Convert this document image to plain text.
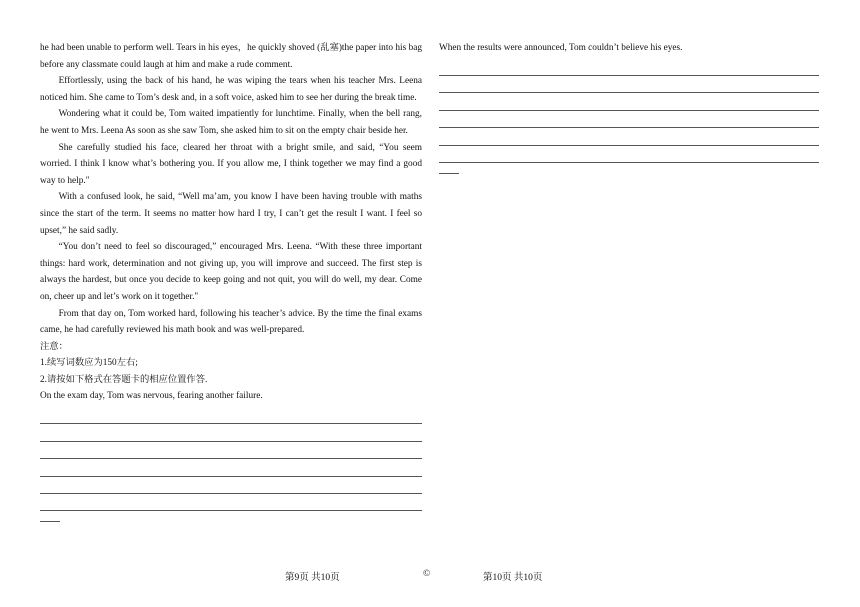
he had been unable to perform well. Tears in his eyes，he quickly shoved (乱塞)the paper into his bag before any classmate could laugh at him and make a rude comment.

Effortlessly, using the back of his hand, he was wiping the tears when his teacher Mrs. Leena noticed him. She came to Tom’s desk and, in a soft voice, asked him to see her during the break time.

Wondering what it could be, Tom waited impatiently for lunchtime. Finally, when the bell rang, he went to Mrs. Leena As soon as she saw Tom, she asked him to sit on the empty chair beside her.

She carefully studied his face, cleared her throat with a bright smile, and said, “You seem worried. I think I know what’s bothering you. If you allow me, I think together we may find a good way to help."

With a confused look, he said, “Well ma’am, you know I have been having trouble with maths since the start of the term. It seems no matter how hard I try, I can’t get the result I want. I feel so upset,” he said sadly.

“You don’t need to feel so discouraged,” encouraged Mrs. Leena. “With these three important things: hard work, determination and not giving up, you will improve and succeed. The first step is always the hardest, but once you decide to keep going and not quit, you will do well, my dear. Come on, cheer up and let’s work on it together."

From that day on, Tom worked hard, following his teacher’s advice. By the time the final exams came, he had carefully reviewed his math book and was well-prepared.

注意：

1.续写词数应为150左右;

2.请按如下格式在答题卡的相应位置作答.

On the exam day, Tom was nervous, fearing another failure.

When the results were announced, Tom couldn’t believe his eyes.

第9页 共10页	©	第10页 共10页
